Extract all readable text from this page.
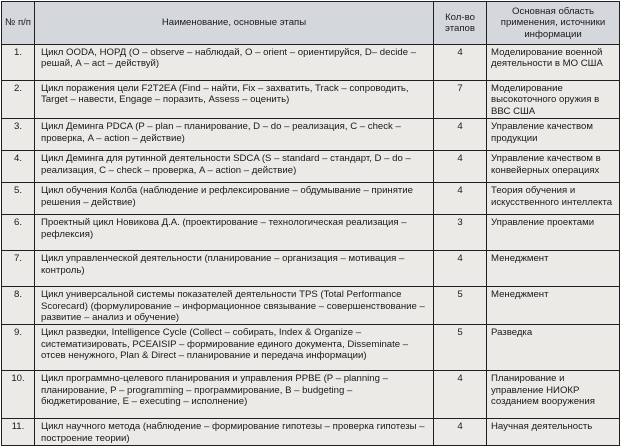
№ п/п	Наименование, основные этапы	Кол-во этапов	Основная область применения, источники информации
1.	Цикл OODA, НОРД (O – observe – наблюдай, O – orient – ориентируйся, D– decide – решай, A – act – действуй)	4	Моделирование военной деятельности в МО США
2.	Цикл поражения цели F2T2EA (Find – найти, Fix – захватить, Track – сопроводить, Target – навести, Engage – поразить, Assess – оценить)	7	Моделирование высокоточного оружия в ВВС США
3.	Цикл Деминга PDCA (P – plan – планирование, D – do – реализация, C – check – проверка, A – action – действие)	4	Управление качеством продукции
4.	Цикл Деминга для рутинной деятельности SDCA (S – standard – стандарт, D – do – реализация, C – check – проверка, A – action – действие)	4	Управление качеством в конвейерных операциях
5.	Цикл обучения Колба (наблюдение и рефлексирование – обдумывание – принятие решения – действие)	4	Теория обучения и искусственного интеллекта
6.	Проектный цикл Новикова Д.А. (проектирование – технологическая реализация – рефлексия)	3	Управление проектами
7.	Цикл управленческой деятельности (планирование – организация – мотивация – контроль)	4	Менеджмент
8.	Цикл универсальной системы показателей деятельности TPS (Total Performance Scorecard) (формулирование – информационное связывание – совершенствование – развитие – анализ и обучение)	5	Менеджмент
9.	Цикл разведки, Intelligence Cycle (Collect – собирать, Index & Organize – систематизировать, PCEAISIP – формирование единого документа, Disseminate – отсев ненужного, Plan & Direct – планирование и передача информации)	5	Разведка
10.	Цикл программно-целевого планирования и управления PPBE (P – planning – планирование, P – programming – программирование, B – budgeting – бюджетирование, E – executing – исполнение)	4	Планирование и управление НИОКР созданием вооружения
11.	Цикл научного метода (наблюдение – формирование гипотезы – проверка гипотезы – построение теории)	4	Научная деятельность
